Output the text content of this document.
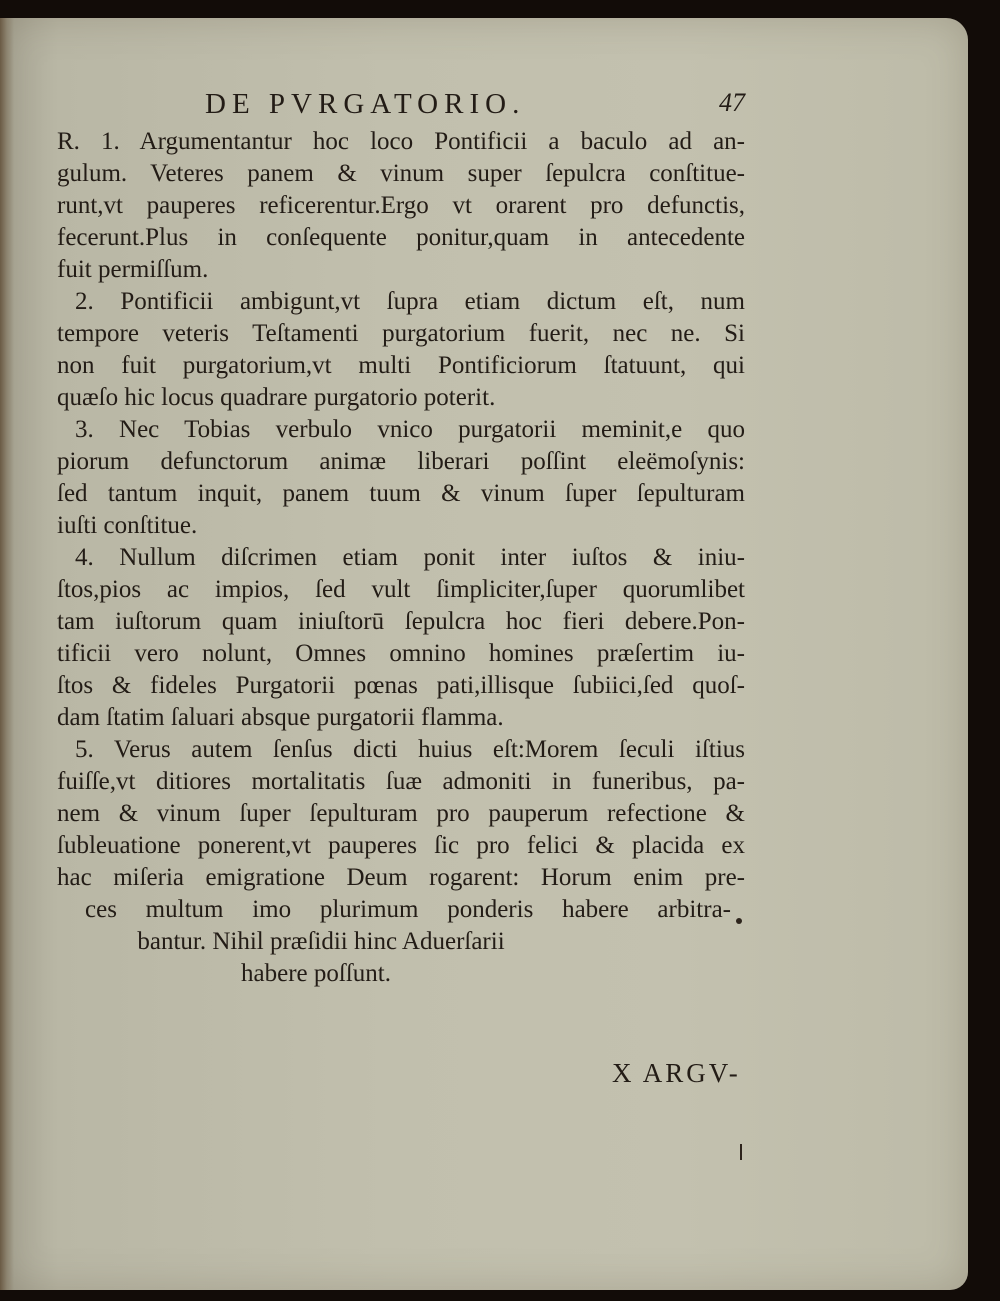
DE PVRGATORIO.	47
R. 1. Argumentantur hoc loco Pontificii a baculo ad an-
gulum. Veteres panem & vinum super ſepulcra conſtitue-
runt,vt pauperes reficerentur.Ergo vt orarent pro defunctis,
fecerunt.Plus in conſequente ponitur,quam in antecedente
fuit permiſſum.
2. Pontificii ambigunt,vt ſupra etiam dictum eſt, num
tempore veteris Teſtamenti purgatorium fuerit, nec ne. Si
non fuit purgatorium,vt multi Pontificiorum ſtatuunt, qui
quæſo hic locus quadrare purgatorio poterit.
3. Nec Tobias verbulo vnico purgatorii meminit,e quo
piorum defunctorum animæ liberari poſſint eleëmoſynis:
ſed tantum inquit, panem tuum & vinum ſuper ſepulturam
iuſti conſtitue.
4. Nullum diſcrimen etiam ponit inter iuſtos & iniu-
ſtos,pios ac impios, ſed vult ſimpliciter,ſuper quorumlibet
tam iuſtorum quam iniuſtorū ſepulcra hoc fieri debere.Pon-
tificii vero nolunt, Omnes omnino homines præſertim iu-
ſtos & fideles Purgatorii pœnas pati,illisque ſubiici,ſed quoſ-
dam ſtatim ſaluari absque purgatorii flamma.
5. Verus autem ſenſus dicti huius eſt:Morem ſeculi iſtius
fuiſſe,vt ditiores mortalitatis ſuæ admoniti in funeribus, pa-
nem & vinum ſuper ſepulturam pro pauperum refectione &
ſubleuatione ponerent,vt pauperes ſic pro felici & placida ex
hac miſeria emigratione Deum rogarent: Horum enim pre-
ces multum imo plurimum ponderis habere arbitra-
bantur. Nihil præſidii hinc Aduerſarii
habere poſſunt.
X ARGV-
